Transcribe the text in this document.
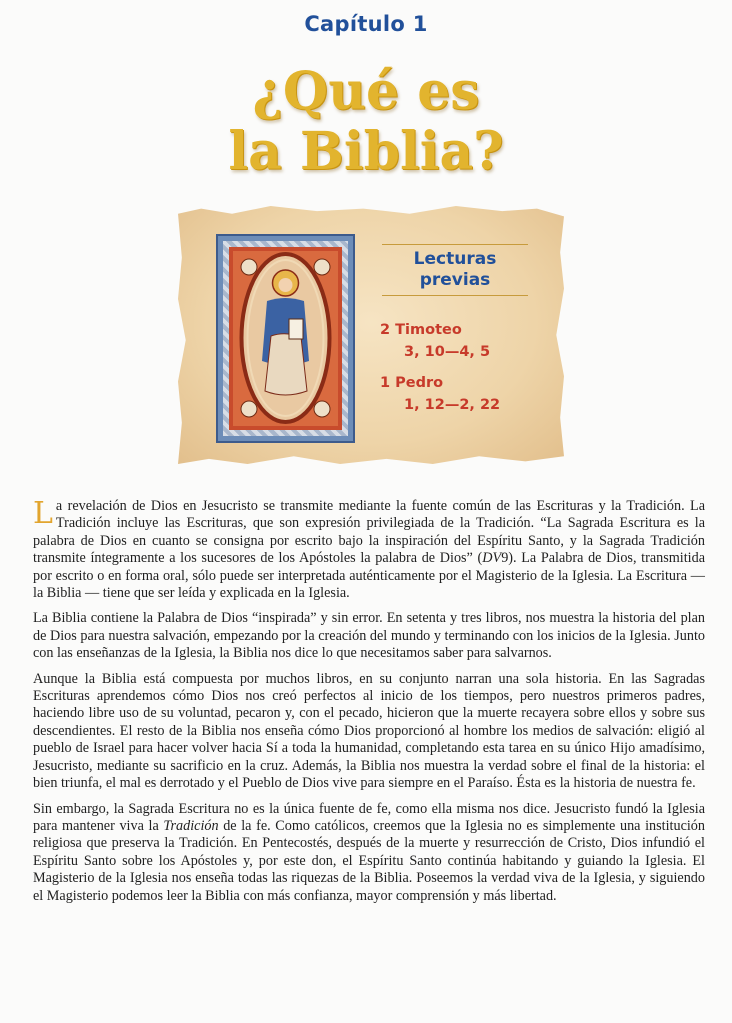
Capítulo 1
¿Qué es
la Biblia?
Lecturas
previas
2 Timoteo
3, 10—4, 5
1 Pedro
1, 12—2, 22

La revelación de Dios en Jesucristo se transmite mediante la fuente común de las Escrituras y la Tradición. La Tradición incluye las Escrituras, que son expresión privilegiada de la Tradición. “La Sagrada Escritura es la palabra de Dios en cuanto se consigna por escrito bajo la inspiración del Espíritu Santo, y la Sagrada Tradición transmite íntegramente a los sucesores de los Apóstoles la palabra de Dios” (DV9). La Palabra de Dios, transmitida por escrito o en forma oral, sólo puede ser interpretada auténticamente por el Magisterio de la Iglesia. La Escritura — la Biblia — tiene que ser leída y explicada en la Iglesia.

La Biblia contiene la Palabra de Dios “inspirada” y sin error. En setenta y tres libros, nos muestra la historia del plan de Dios para nuestra salvación, empezando por la creación del mundo y terminando con los inicios de la Iglesia. Junto con las enseñanzas de la Iglesia, la Biblia nos dice lo que necesitamos saber para salvarnos.

Aunque la Biblia está compuesta por muchos libros, en su conjunto narran una sola historia. En las Sagradas Escrituras aprendemos cómo Dios nos creó perfectos al inicio de los tiempos, pero nuestros primeros padres, haciendo libre uso de su voluntad, pecaron y, con el pecado, hicieron que la muerte recayera sobre ellos y sobre sus descendientes. El resto de la Biblia nos enseña cómo Dios proporcionó al hombre los medios de salvación: eligió al pueblo de Israel para hacer volver hacia Sí a toda la humanidad, completando esta tarea en su único Hijo amadísimo, Jesucristo, mediante su sacrificio en la cruz. Además, la Biblia nos muestra la verdad sobre el final de la historia: el bien triunfa, el mal es derrotado y el Pueblo de Dios vive para siempre en el Paraíso. Ésta es la historia de nuestra fe.

Sin embargo, la Sagrada Escritura no es la única fuente de fe, como ella misma nos dice. Jesucristo fundó la Iglesia para mantener viva la Tradición de la fe. Como católicos, creemos que la Iglesia no es simplemente una institución religiosa que preserva la Tradición. En Pentecostés, después de la muerte y resurrección de Cristo, Dios infundió el Espíritu Santo sobre los Apóstoles y, por este don, el Espíritu Santo continúa habitando y guiando la Iglesia. El Magisterio de la Iglesia nos enseña todas las riquezas de la Biblia. Poseemos la verdad viva de la Iglesia, y siguiendo el Magisterio podemos leer la Biblia con más confianza, mayor comprensión y más libertad.
